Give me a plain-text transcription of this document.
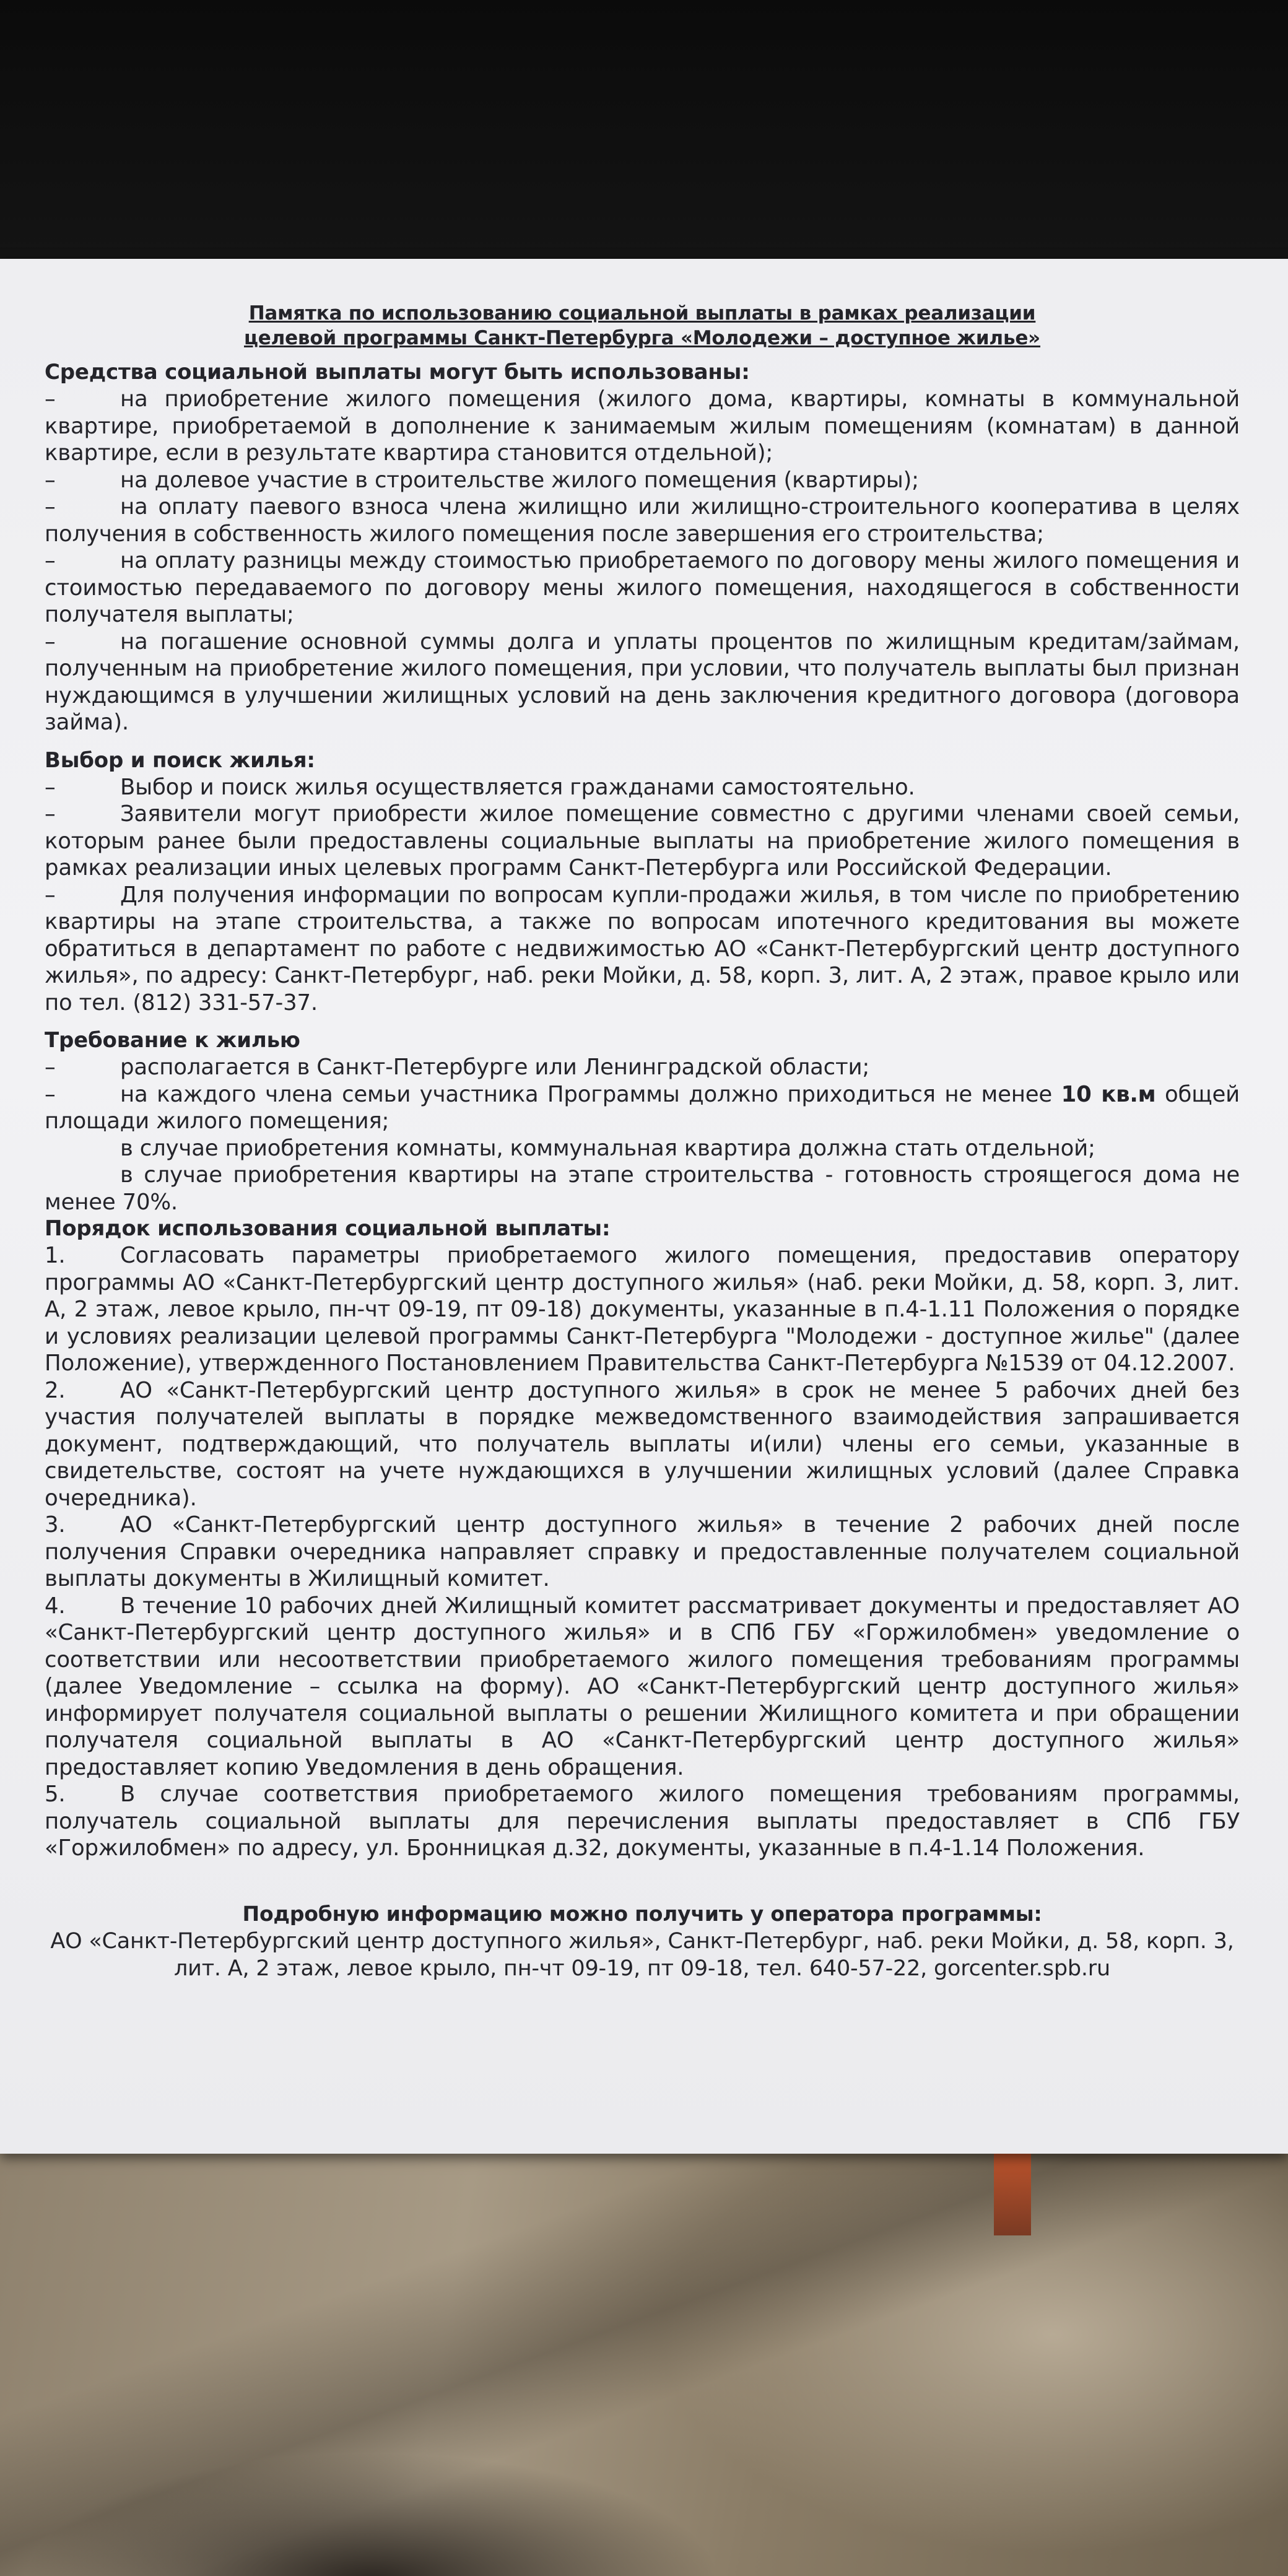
Памятка по использованию социальной выплаты в рамках реализации
целевой программы Санкт-Петербурга «Молодежи – доступное жилье»
Средства социальной выплаты могут быть использованы:

–	на приобретение жилого помещения (жилого дома, квартиры, комнаты в коммунальной квартире, приобретаемой в дополнение к занимаемым жилым помещениям (комнатам) в данной квартире, если в результате квартира становится отдельной);

–	на долевое участие в строительстве жилого помещения (квартиры);

–	на оплату паевого взноса члена жилищно или жилищно-строительного кооператива в целях получения в собственность жилого помещения после завершения его строительства;

–	на оплату разницы между стоимостью приобретаемого по договору мены жилого помещения и стоимостью передаваемого по договору мены жилого помещения, находящегося в собственности получателя выплаты;

–	на погашение основной суммы долга и уплаты процентов по жилищным кредитам/займам, полученным на приобретение жилого помещения, при условии, что получатель выплаты был признан нуждающимся в улучшении жилищных условий на день заключения кредитного договора (договора займа).

Выбор и поиск жилья:

–	Выбор и поиск жилья осуществляется гражданами самостоятельно.

–	Заявители могут приобрести жилое помещение совместно с другими членами своей семьи, которым ранее были предоставлены социальные выплаты на приобретение жилого помещения в рамках реализации иных целевых программ Санкт-Петербурга или Российской Федерации.

–	Для получения информации по вопросам купли-продажи жилья, в том числе по приобретению квартиры на этапе строительства, а также по вопросам ипотечного кредитования вы можете обратиться в департамент по работе с недвижимостью АО «Санкт-Петербургский центр доступного жилья», по адресу: Санкт-Петербург, наб. реки Мойки, д. 58, корп. 3, лит. А, 2 этаж, правое крыло или по тел. (812) 331-57-37.

Требование к жилью

–	располагается в Санкт-Петербурге или Ленинградской области;

–	на каждого члена семьи участника Программы должно приходиться не менее 10 кв.м общей площади жилого помещения;

в случае приобретения комнаты, коммунальная квартира должна стать отдельной;

в случае приобретения квартиры на этапе строительства - готовность строящегося дома не менее 70%.

Порядок использования социальной выплаты:

1. Согласовать параметры приобретаемого жилого помещения, предоставив оператору программы АО «Санкт-Петербургский центр доступного жилья» (наб. реки Мойки, д. 58, корп. 3, лит. А, 2 этаж, левое крыло, пн-чт 09-19, пт 09-18) документы, указанные в п.4-1.11 Положения о порядке и условиях реализации целевой программы Санкт-Петербурга "Молодежи - доступное жилье" (далее Положение), утвержденного Постановлением Правительства Санкт-Петербурга №1539 от 04.12.2007.

2. АО «Санкт-Петербургский центр доступного жилья» в срок не менее 5 рабочих дней без участия получателей выплаты в порядке межведомственного взаимодействия запрашивается документ, подтверждающий, что получатель выплаты и(или) члены его семьи, указанные в свидетельстве, состоят на учете нуждающихся в улучшении жилищных условий (далее Справка очередника).

3. АО «Санкт-Петербургский центр доступного жилья» в течение 2 рабочих дней после получения Справки очередника направляет справку и предоставленные получателем социальной выплаты документы в Жилищный комитет.

4. В течение 10 рабочих дней Жилищный комитет рассматривает документы и предоставляет АО «Санкт-Петербургский центр доступного жилья» и в СПб ГБУ «Горжилобмен» уведомление о соответствии или несоответствии приобретаемого жилого помещения требованиям программы (далее Уведомление – ссылка на форму). АО «Санкт-Петербургский центр доступного жилья» информирует получателя социальной выплаты о решении Жилищного комитета и при обращении получателя социальной выплаты в АО «Санкт-Петербургский центр доступного жилья» предоставляет копию Уведомления в день обращения.

5. В случае соответствия приобретаемого жилого помещения требованиям программы, получатель социальной выплаты для перечисления выплаты предоставляет в СПб ГБУ «Горжилобмен» по адресу, ул. Бронницкая д.32, документы, указанные в п.4-1.14 Положения.

Подробную информацию можно получить у оператора программы:
АО «Санкт-Петербургский центр доступного жилья», Санкт-Петербург, наб. реки Мойки, д. 58, корп. 3,
лит. А, 2 этаж, левое крыло, пн-чт 09-19, пт 09-18, тел. 640-57-22, gorcenter.spb.ru
